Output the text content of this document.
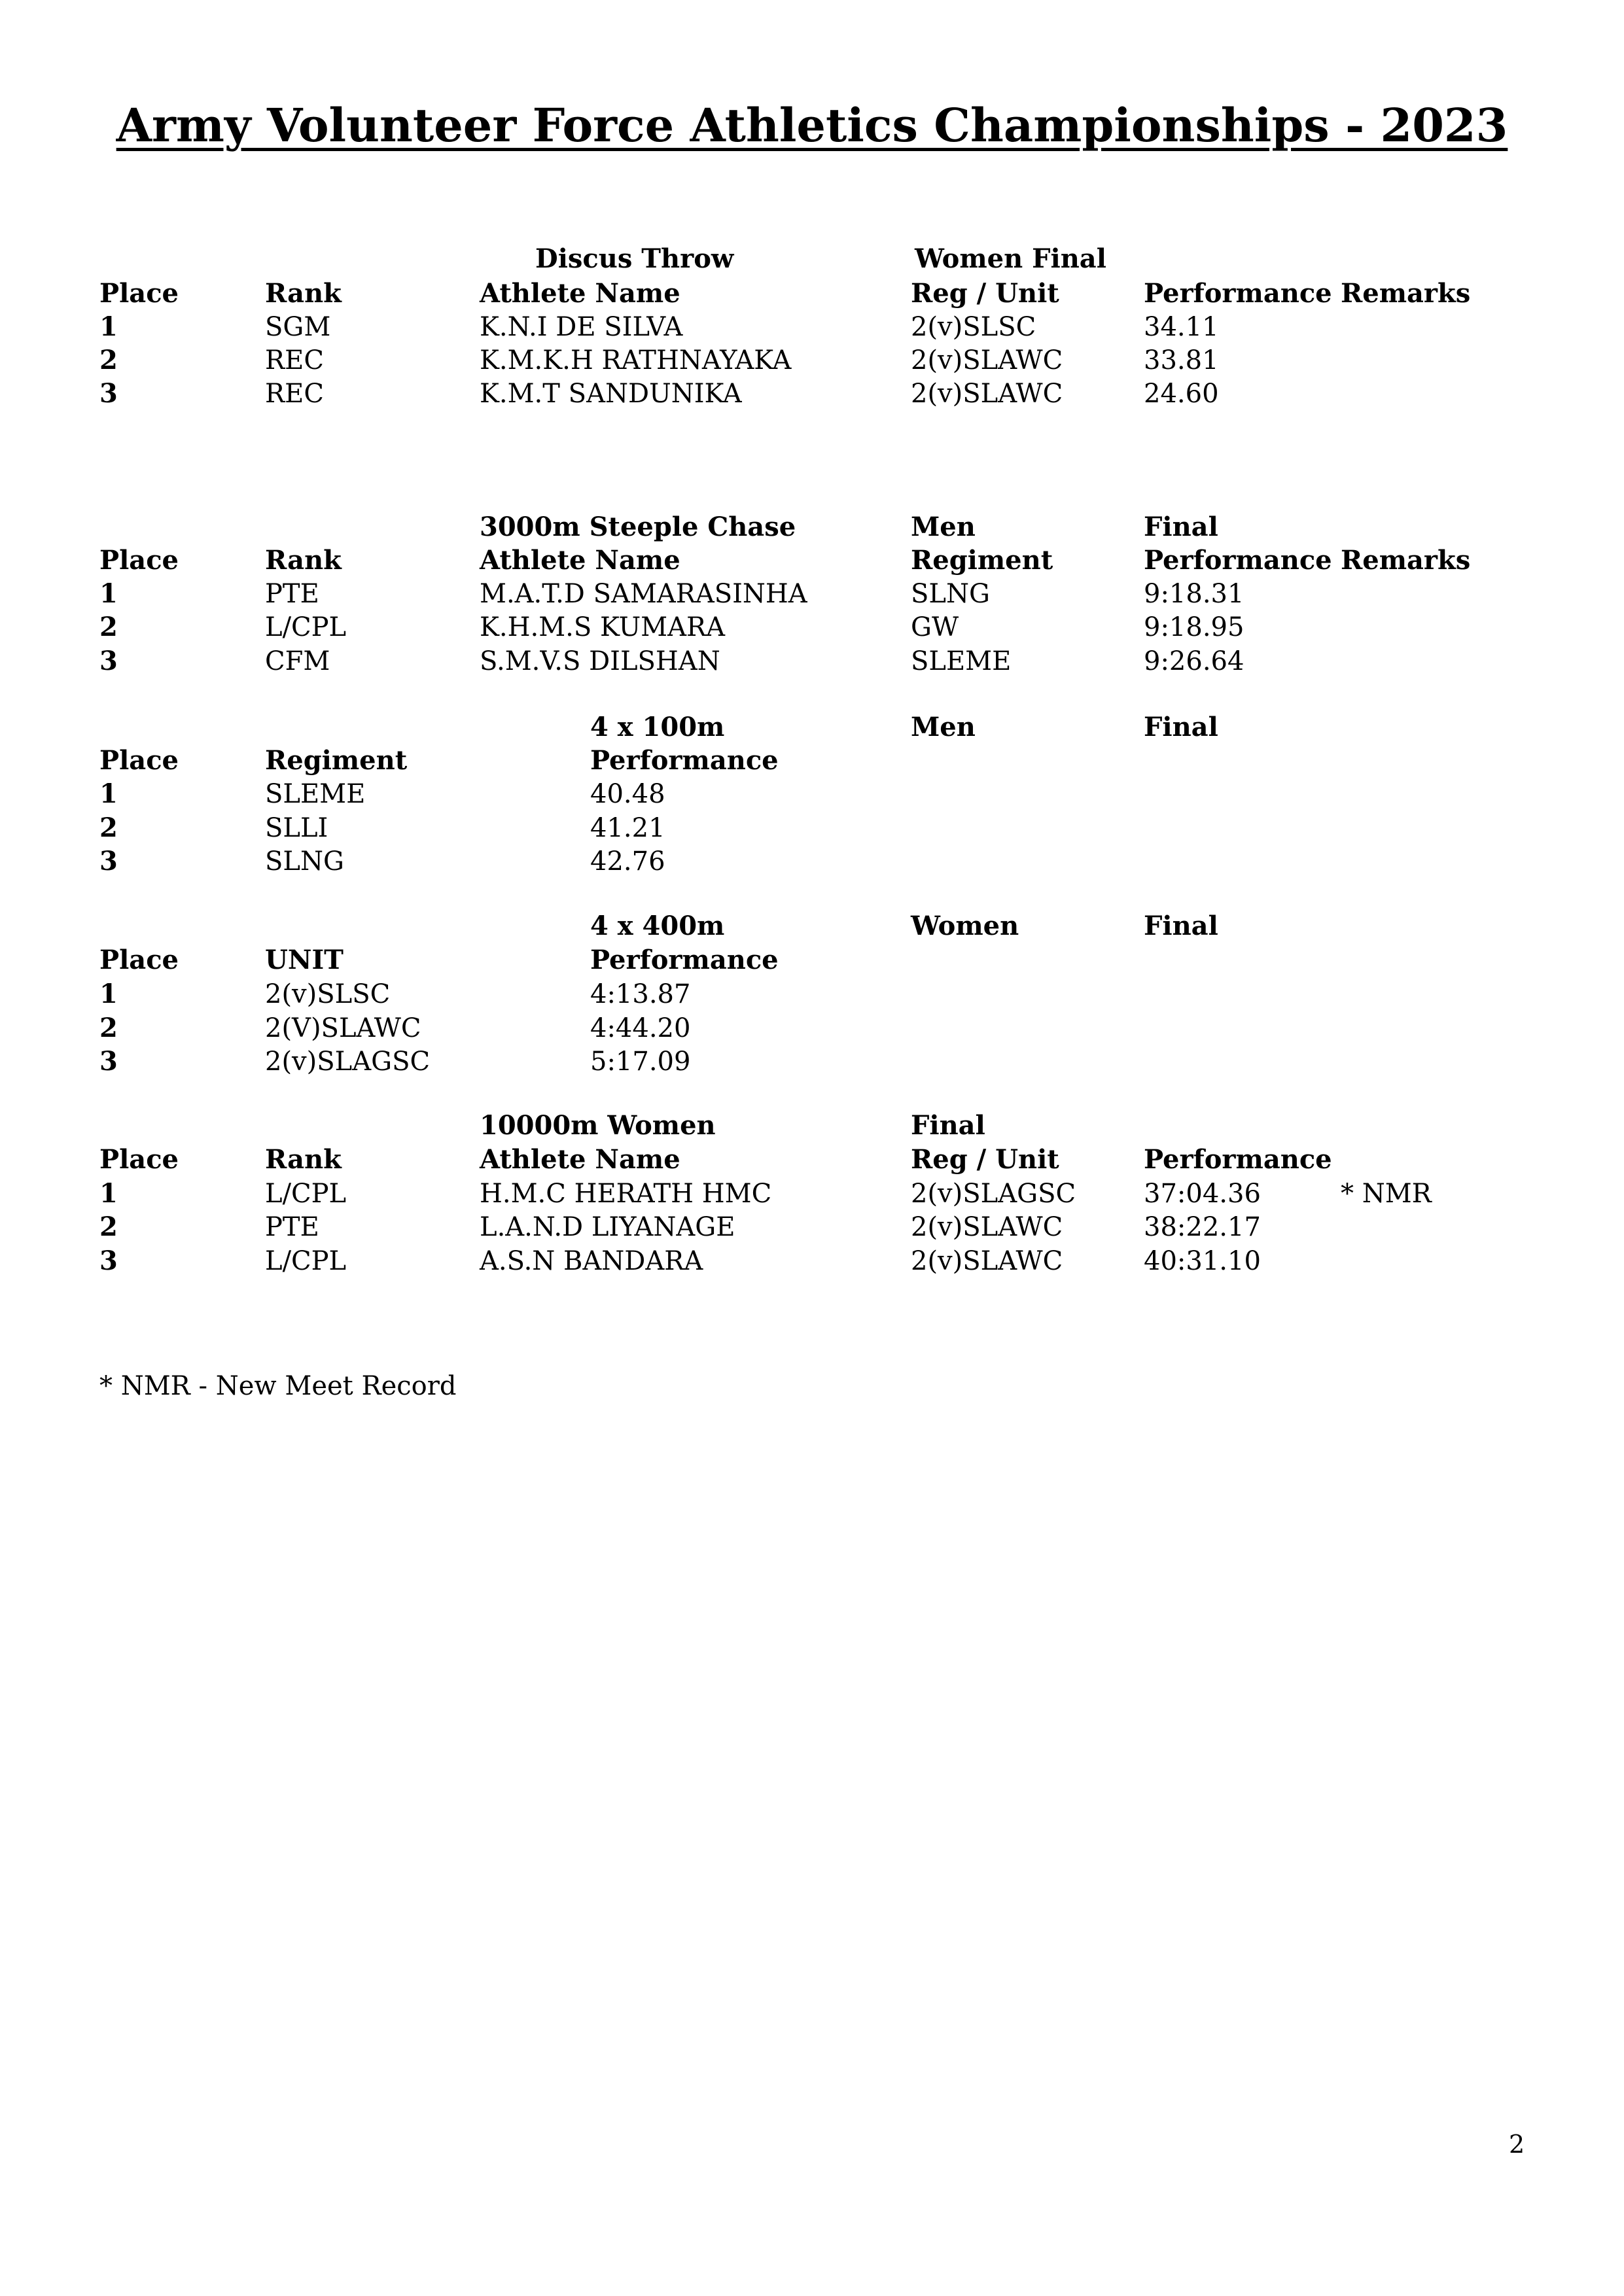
Army Volunteer Force Athletics Championships - 2023
Discus Throw	Women Final
Place	Rank	Athlete Name	Reg / Unit	Performance Remarks
1	SGM	K.N.I DE SILVA	2(v)SLSC	34.11
2	REC	K.M.K.H RATHNAYAKA	2(v)SLAWC	33.81
3	REC	K.M.T SANDUNIKA	2(v)SLAWC	24.60
3000m Steeple Chase	Men	Final
Place	Rank	Athlete Name	Regiment	Performance Remarks
1	PTE	M.A.T.D SAMARASINHA	SLNG	9:18.31
2	L/CPL	K.H.M.S KUMARA	GW	9:18.95
3	CFM	S.M.V.S DILSHAN	SLEME	9:26.64
4 x 100m	Men	Final
Place	Regiment	Performance
1	SLEME	40.48
2	SLLI	41.21
3	SLNG	42.76
4 x 400m	Women	Final
Place	UNIT	Performance
1	2(v)SLSC	4:13.87
2	2(V)SLAWC	4:44.20
3	2(v)SLAGSC	5:17.09
10000m Women	Final
Place	Rank	Athlete Name	Reg / Unit	Performance
1	L/CPL	H.M.C HERATH HMC	2(v)SLAGSC	37:04.36	* NMR
2	PTE	L.A.N.D LIYANAGE	2(v)SLAWC	38:22.17
3	L/CPL	A.S.N BANDARA	2(v)SLAWC	40:31.10
* NMR - New Meet Record
2
